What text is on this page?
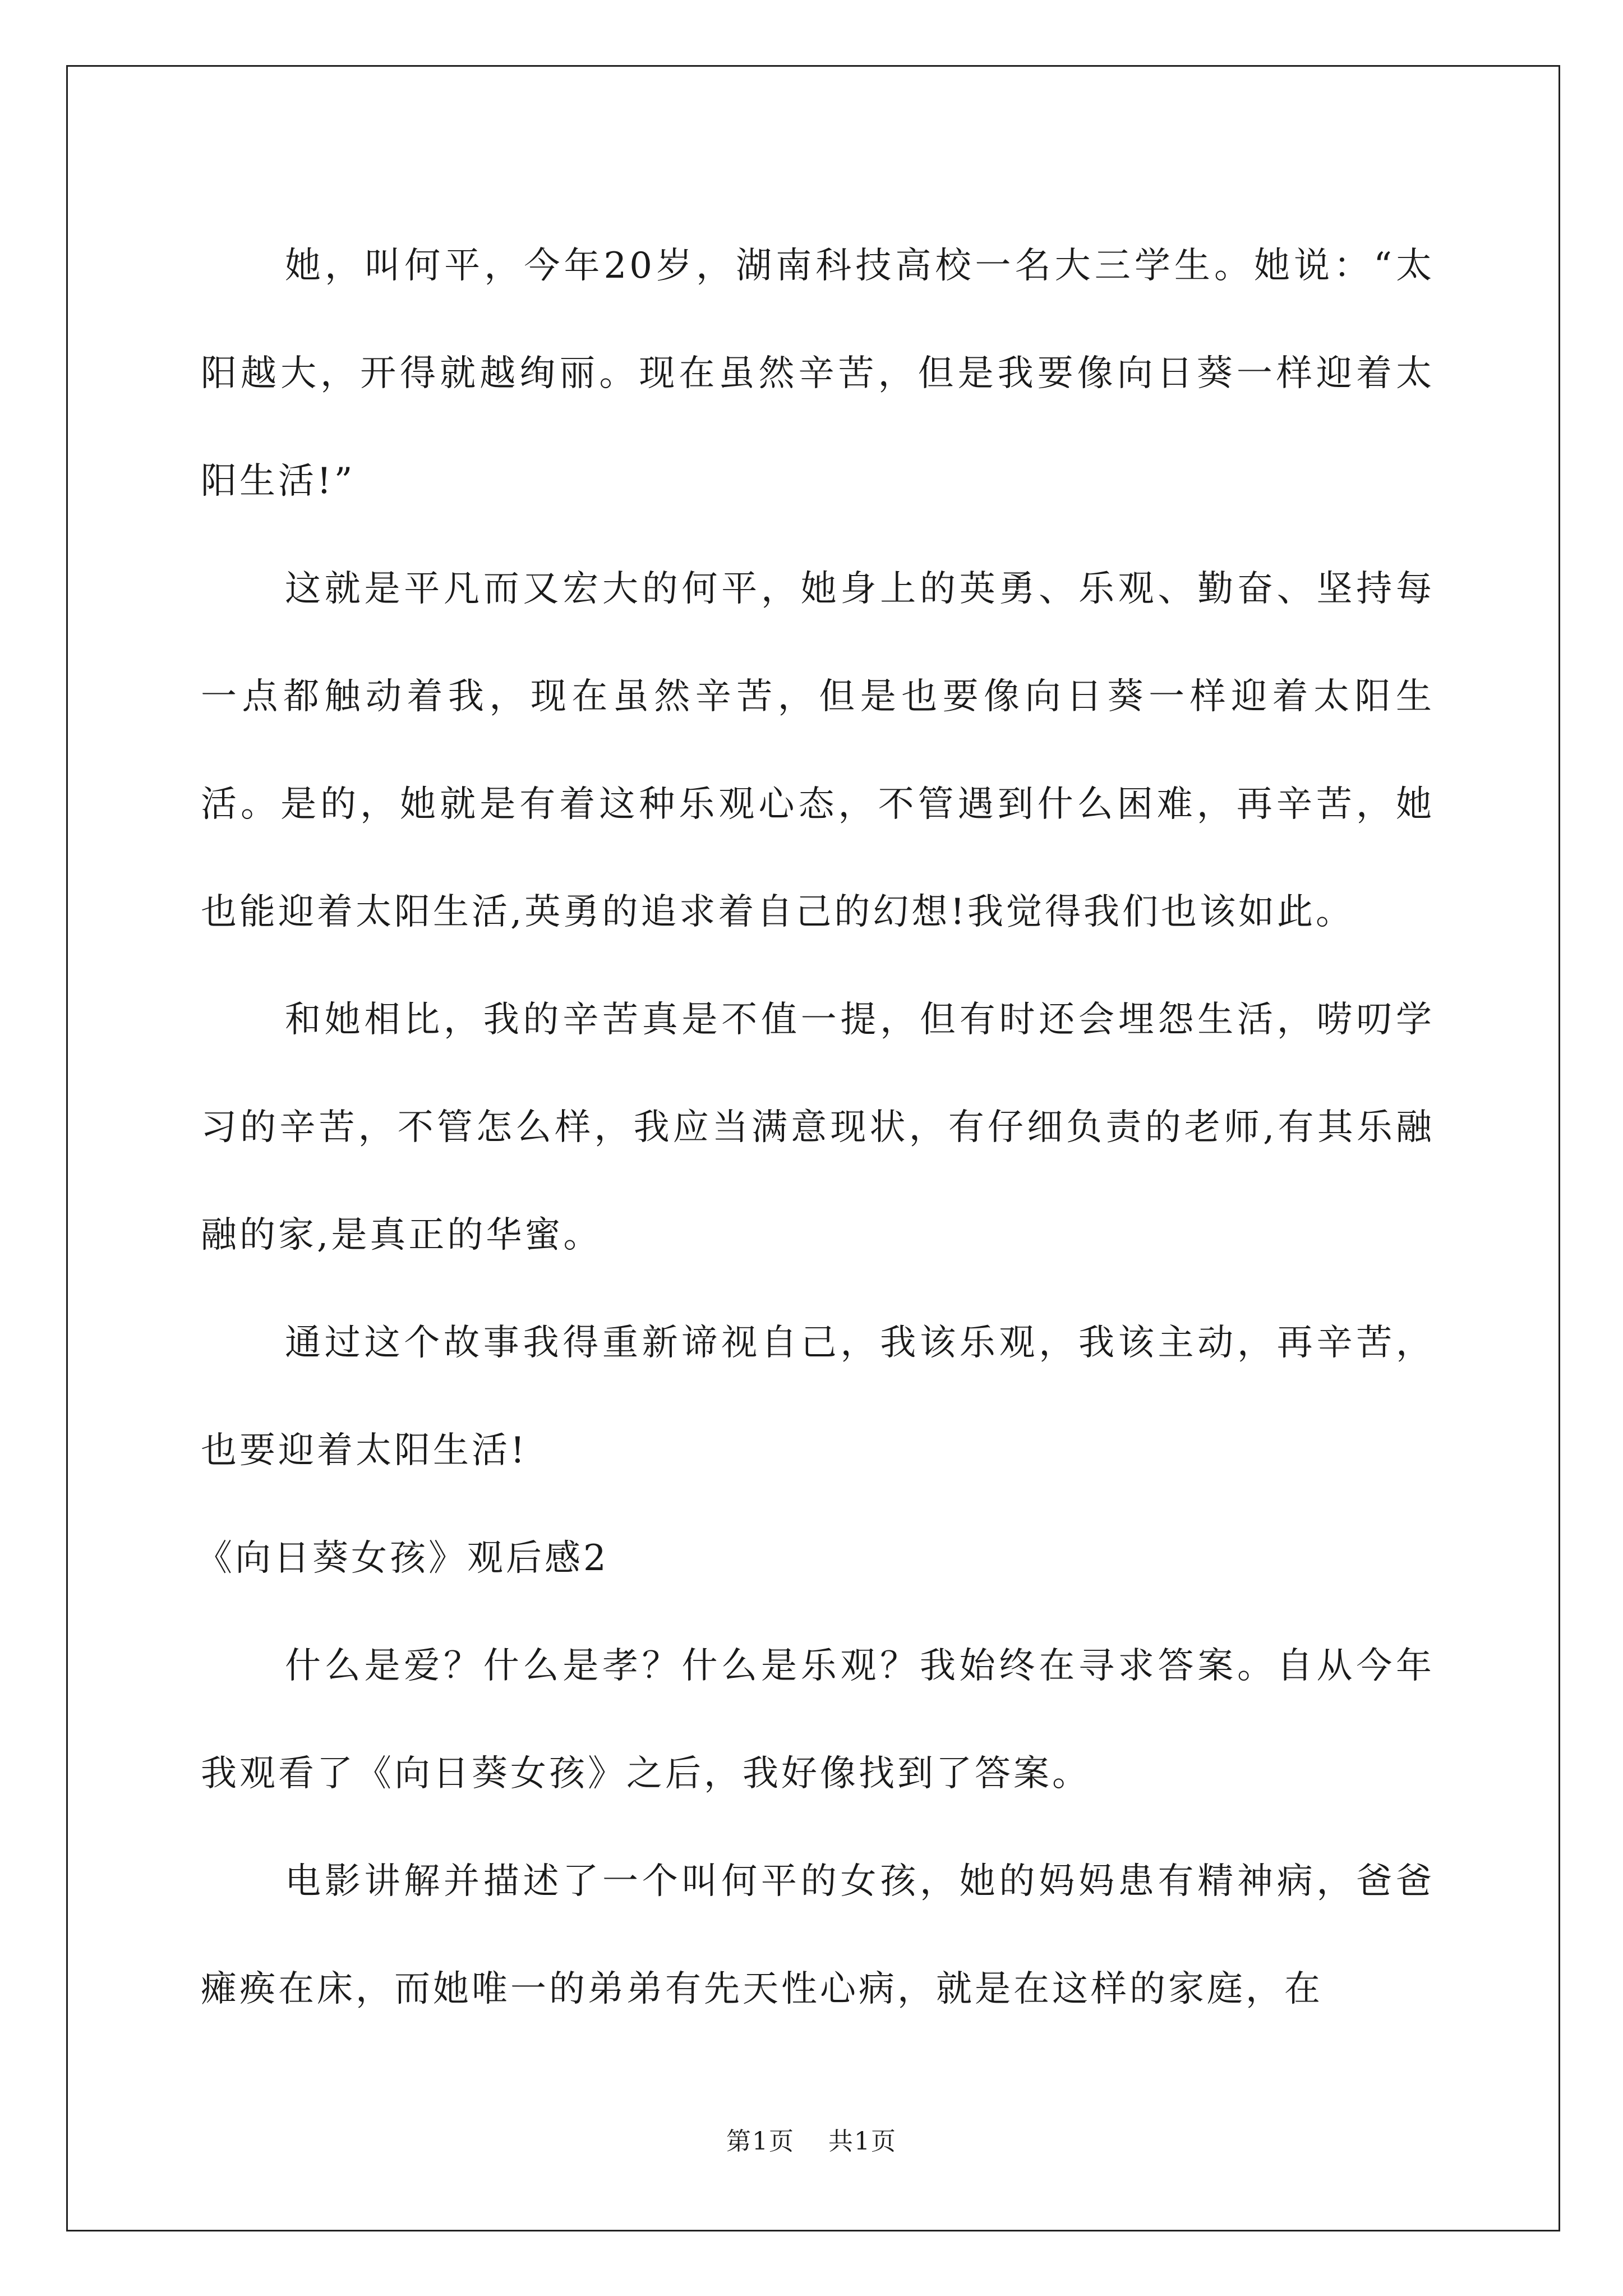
她，叫何平，今年20岁，湖南科技高校一名大三学生。她说：“太阳越大，开得就越绚丽。现在虽然辛苦，但是我要像向日葵一样迎着太阳生活!”

这就是平凡而又宏大的何平，她身上的英勇、乐观、勤奋、坚持每一点都触动着我，现在虽然辛苦，但是也要像向日葵一样迎着太阳生活。是的，她就是有着这种乐观心态，不管遇到什么困难，再辛苦，她也能迎着太阳生活,英勇的追求着自己的幻想!我觉得我们也该如此。

和她相比，我的辛苦真是不值一提，但有时还会埋怨生活，唠叨学习的辛苦，不管怎么样，我应当满意现状，有仔细负责的老师,有其乐融融的家,是真正的华蜜。

通过这个故事我得重新谛视自己，我该乐观，我该主动，再辛苦，也要迎着太阳生活!

《向日葵女孩》观后感2

什么是爱？什么是孝？什么是乐观？我始终在寻求答案。自从今年我观看了《向日葵女孩》之后，我好像找到了答案。

电影讲解并描述了一个叫何平的女孩，她的妈妈患有精神病，爸爸瘫痪在床，而她唯一的弟弟有先天性心病，就是在这样的家庭，在

第1页 共1页
